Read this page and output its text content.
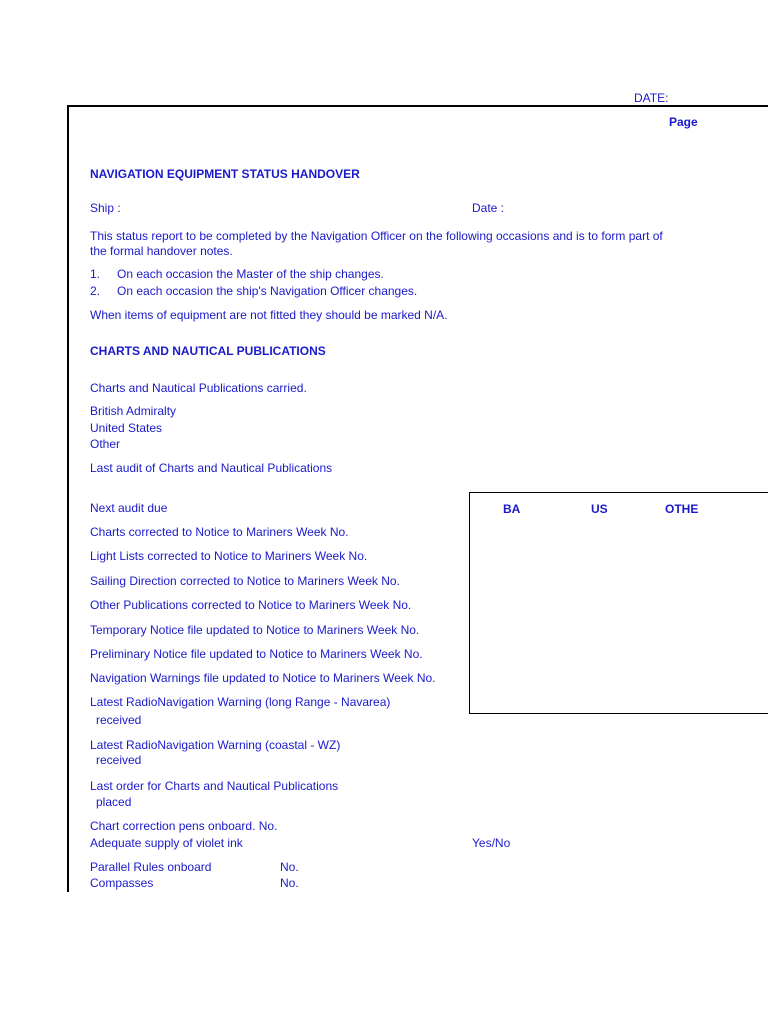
DATE:
Page
NAVIGATION EQUIPMENT STATUS HANDOVER
Ship :	Date :
This status report to be completed by the Navigation Officer on the following occasions and is to form part of
the formal handover notes.
1. On each occasion the Master of the ship changes.
2. On each occasion the ship's Navigation Officer changes.
When items of equipment are not fitted they should be marked N/A.
CHARTS AND NAUTICAL PUBLICATIONS
Charts and Nautical Publications carried.
British Admiralty
United States
Other
Last audit of Charts and Nautical Publications
BA	US	OTHE
Next audit due
Charts corrected to Notice to Mariners Week No.
Light Lists corrected to Notice to Mariners Week No.
Sailing Direction corrected to Notice to Mariners Week No.
Other Publications corrected to Notice to Mariners Week No.
Temporary Notice file updated to Notice to Mariners Week No.
Preliminary Notice file updated to Notice to Mariners Week No.
Navigation Warnings file updated to Notice to Mariners Week No.
Latest RadioNavigation Warning (long Range - Navarea)
received
Latest RadioNavigation Warning (coastal - WZ)
received
Last order for Charts and Nautical Publications
placed
Chart correction pens onboard. No.
Adequate supply of violet ink	Yes/No
Parallel Rules onboard	No.
Compasses	No.
